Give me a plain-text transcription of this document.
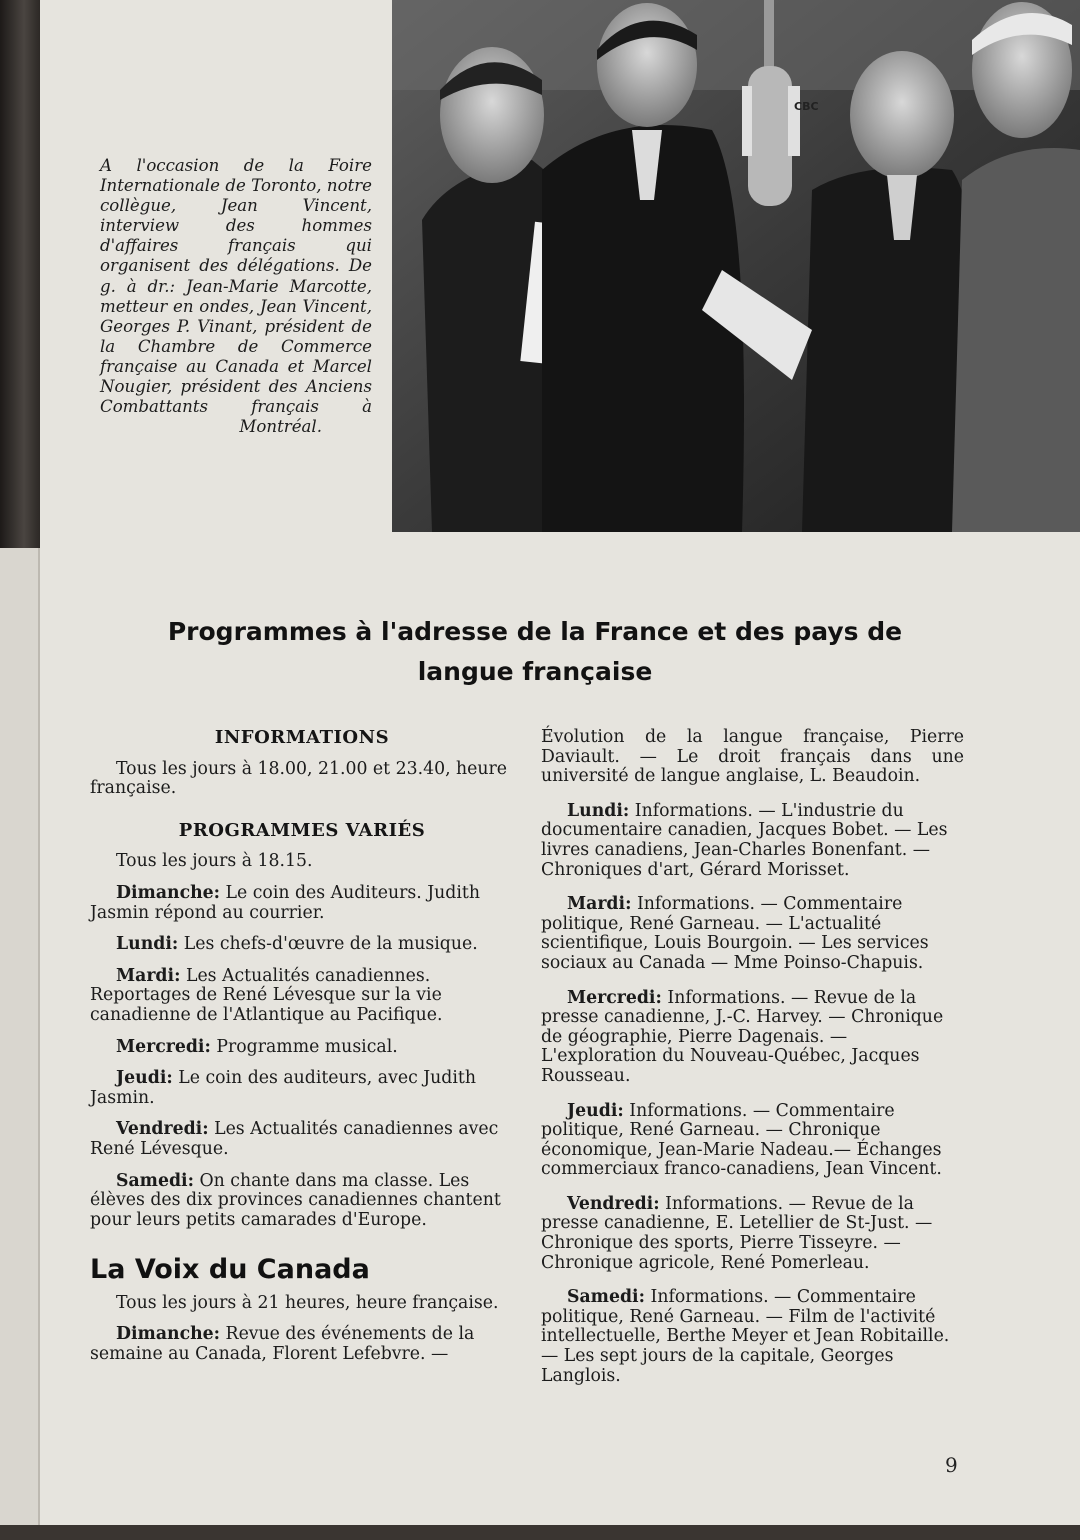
CBC
A l'occasion de la Foire Internationale de Toronto, notre collègue, Jean Vincent, interview des hommes d'affaires français qui organisent des délégations. De g. à dr.: Jean-Marie Marcotte, metteur en ondes, Jean Vincent, Georges P. Vinant, président de la Chambre de Commerce française au Canada et Marcel Nougier, président des Anciens Combattants français à
Montréal.
Programmes à l'adresse de la France et des pays de langue française
INFORMATIONS
Tous les jours à 18.00, 21.00 et 23.40, heure française.
PROGRAMMES VARIÉS
Tous les jours à 18.15.
Dimanche: Le coin des Auditeurs. Judith Jasmin répond au courrier.
Lundi: Les chefs-d'œuvre de la musique.
Mardi: Les Actualités canadiennes. Reportages de René Lévesque sur la vie canadienne de l'Atlantique au Pacifique.
Mercredi: Programme musical.
Jeudi: Le coin des auditeurs, avec Judith Jasmin.
Vendredi: Les Actualités canadiennes avec René Lévesque.
Samedi: On chante dans ma classe. Les élèves des dix provinces canadiennes chantent pour leurs petits camarades d'Europe.
La Voix du Canada
Tous les jours à 21 heures, heure française.
Dimanche: Revue des événements de la semaine au Canada, Florent Lefebvre. —
Évolution de la langue française, Pierre Daviault. — Le droit français dans une université de langue anglaise, L. Beaudoin.
Lundi: Informations. — L'industrie du documentaire canadien, Jacques Bobet. — Les livres canadiens, Jean-Charles Bonenfant. — Chroniques d'art, Gérard Morisset.
Mardi: Informations. — Commentaire politique, René Garneau. — L'actualité scientifique, Louis Bourgoin. — Les services sociaux au Canada — Mme Poinso-Chapuis.
Mercredi: Informations. — Revue de la presse canadienne, J.-C. Harvey. — Chronique de géographie, Pierre Dagenais. — L'exploration du Nouveau-Québec, Jacques Rousseau.
Jeudi: Informations. — Commentaire politique, René Garneau. — Chronique économique, Jean-Marie Nadeau.— Échanges commerciaux franco-canadiens, Jean Vincent.
Vendredi: Informations. — Revue de la presse canadienne, E. Letellier de St-Just. — Chronique des sports, Pierre Tisseyre. — Chronique agricole, René Pomerleau.
Samedi: Informations. — Commentaire politique, René Garneau. — Film de l'activité intellectuelle, Berthe Meyer et Jean Robitaille. — Les sept jours de la capitale, Georges Langlois.
9
